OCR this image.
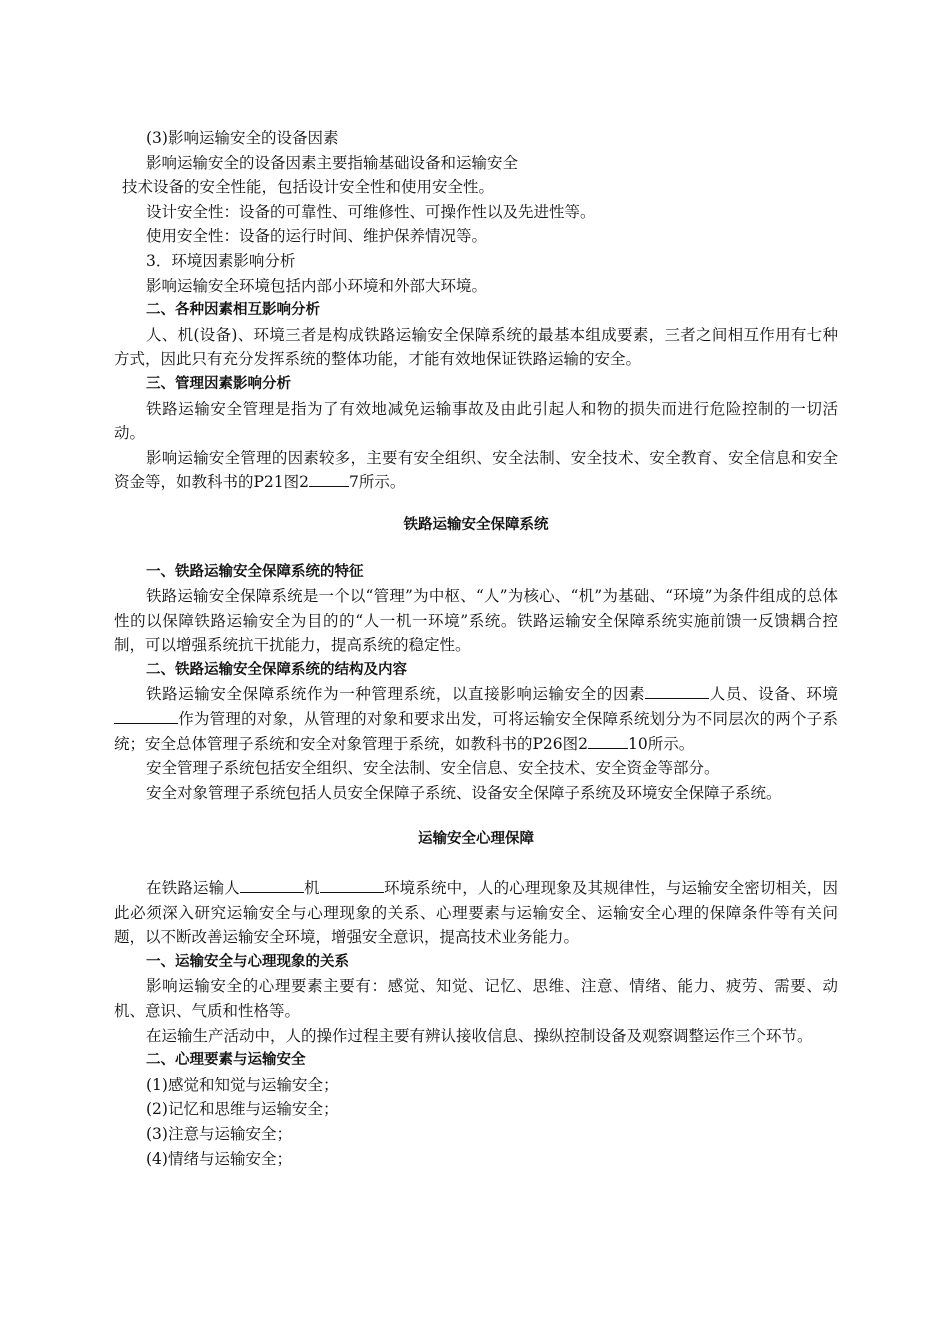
(3)影响运输安全的设备因素

影响运输安全的设备因素主要指输基础设备和运输安全

技术设备的安全性能，包括设计安全性和使用安全性。

设计安全性：设备的可靠性、可维修性、可操作性以及先进性等。

使用安全性：设备的运行时间、维护保养情况等。

3．环境因素影响分析

影响运输安全环境包括内部小环境和外部大环境。

二、各种因素相互影响分析

人、机(设备)、环境三者是构成铁路运输安全保障系统的最基本组成要素，三者之间相互作用有七种方式，因此只有充分发挥系统的整体功能，才能有效地保证铁路运输的安全。

三、管理因素影响分析

铁路运输安全管理是指为了有效地减免运输事故及由此引起人和物的损失而进行危险控制的一切活动。

影响运输安全管理的因素较多，主要有安全组织、安全法制、安全技术、安全教育、安全信息和安全资金等，如教科书的P21图2	7所示。

铁路运输安全保障系统

一、铁路运输安全保障系统的特征

铁路运输安全保障系统是一个以“管理”为中枢、“人”为核心、“机”为基础、“环境”为条件组成的总体性的以保障铁路运输安全为目的的“人一机一环境”系统。铁路运输安全保障系统实施前馈一反馈耦合控制，可以增强系统抗干扰能力，提高系统的稳定性。

二、铁路运输安全保障系统的结构及内容

铁路运输安全保障系统作为一种管理系统，以直接影响运输安全的因素	人员、设备、环境作为管理的对象，从管理的对象和要求出发，可将运输安全保障系统划分为不同层次的两个子系统；安全总体管理子系统和安全对象管理于系统，如教科书的P26图2	10所示。

安全管理子系统包括安全组织、安全法制、安全信息、安全技术、安全资金等部分。

安全对象管理子系统包括人员安全保障子系统、设备安全保障子系统及环境安全保障子系统。

运输安全心理保障

在铁路运输人	机	环境系统中，人的心理现象及其规律性，与运输安全密切相关，因此必须深入研究运输安全与心理现象的关系、心理要素与运输安全、运输安全心理的保障条件等有关问题，以不断改善运输安全环境，增强安全意识，提高技术业务能力。

一、运输安全与心理现象的关系

影响运输安全的心理要素主要有：感觉、知觉、记忆、思维、注意、情绪、能力、疲劳、需要、动机、意识、气质和性格等。

在运输生产活动中，人的操作过程主要有辨认接收信息、操纵控制设备及观察调整运作三个环节。

二、心理要素与运输安全

(1)感觉和知觉与运输安全；

(2)记忆和思维与运输安全；

(3)注意与运输安全；

(4)情绪与运输安全；
